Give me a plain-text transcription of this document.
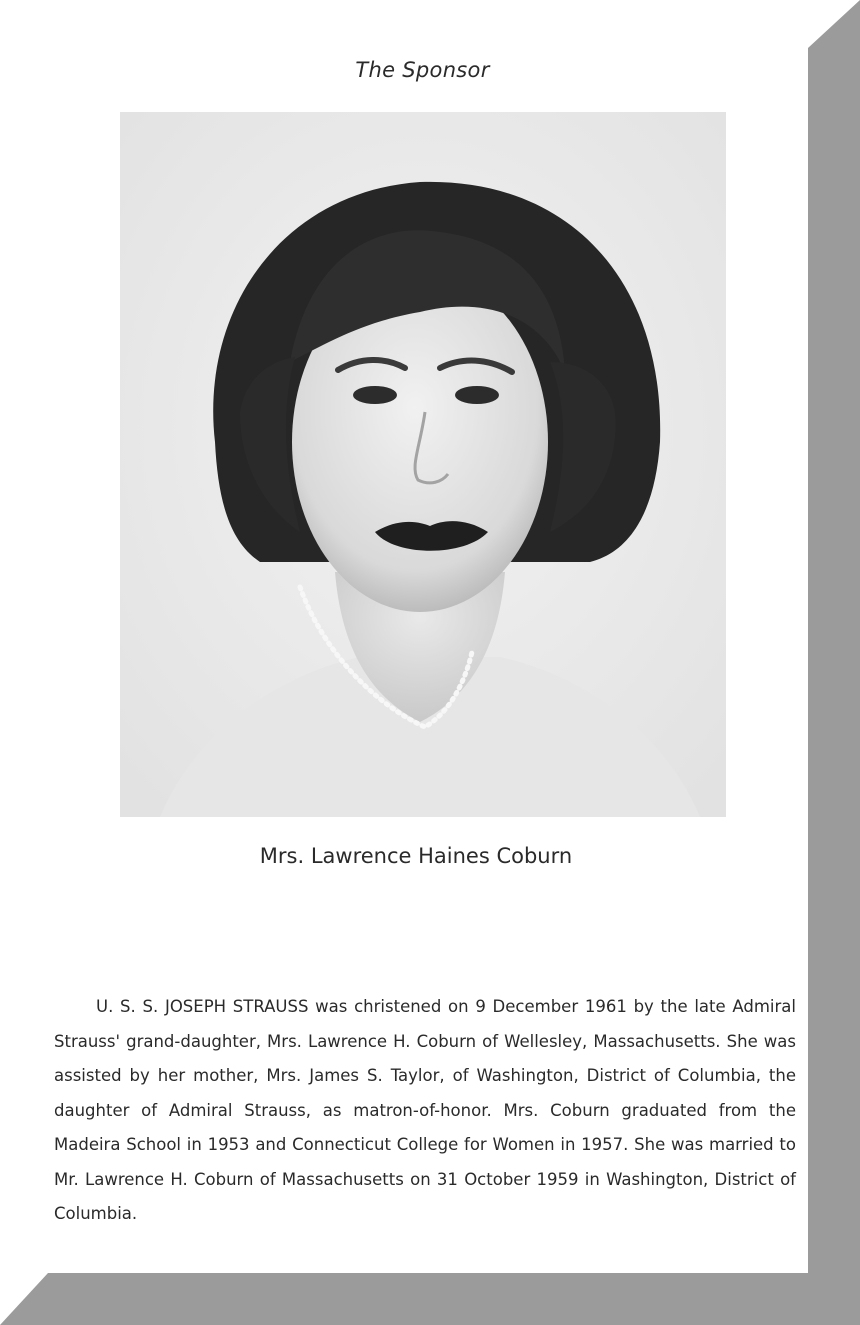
The Sponsor
Mrs. Lawrence Haines Coburn

U. S. S. JOSEPH STRAUSS was christened on 9 December 1961 by the late Admiral Strauss' grand-daughter, Mrs. Lawrence H. Coburn of Wellesley, Massachusetts. She was assisted by her mother, Mrs. James S. Taylor, of Washington, District of Columbia, the daughter of Admiral Strauss, as matron-of-honor. Mrs. Coburn graduated from the Madeira School in 1953 and Connecticut College for Women in 1957. She was married to Mr. Lawrence H. Coburn of Massachusetts on 31 October 1959 in Washington, District of Columbia.
